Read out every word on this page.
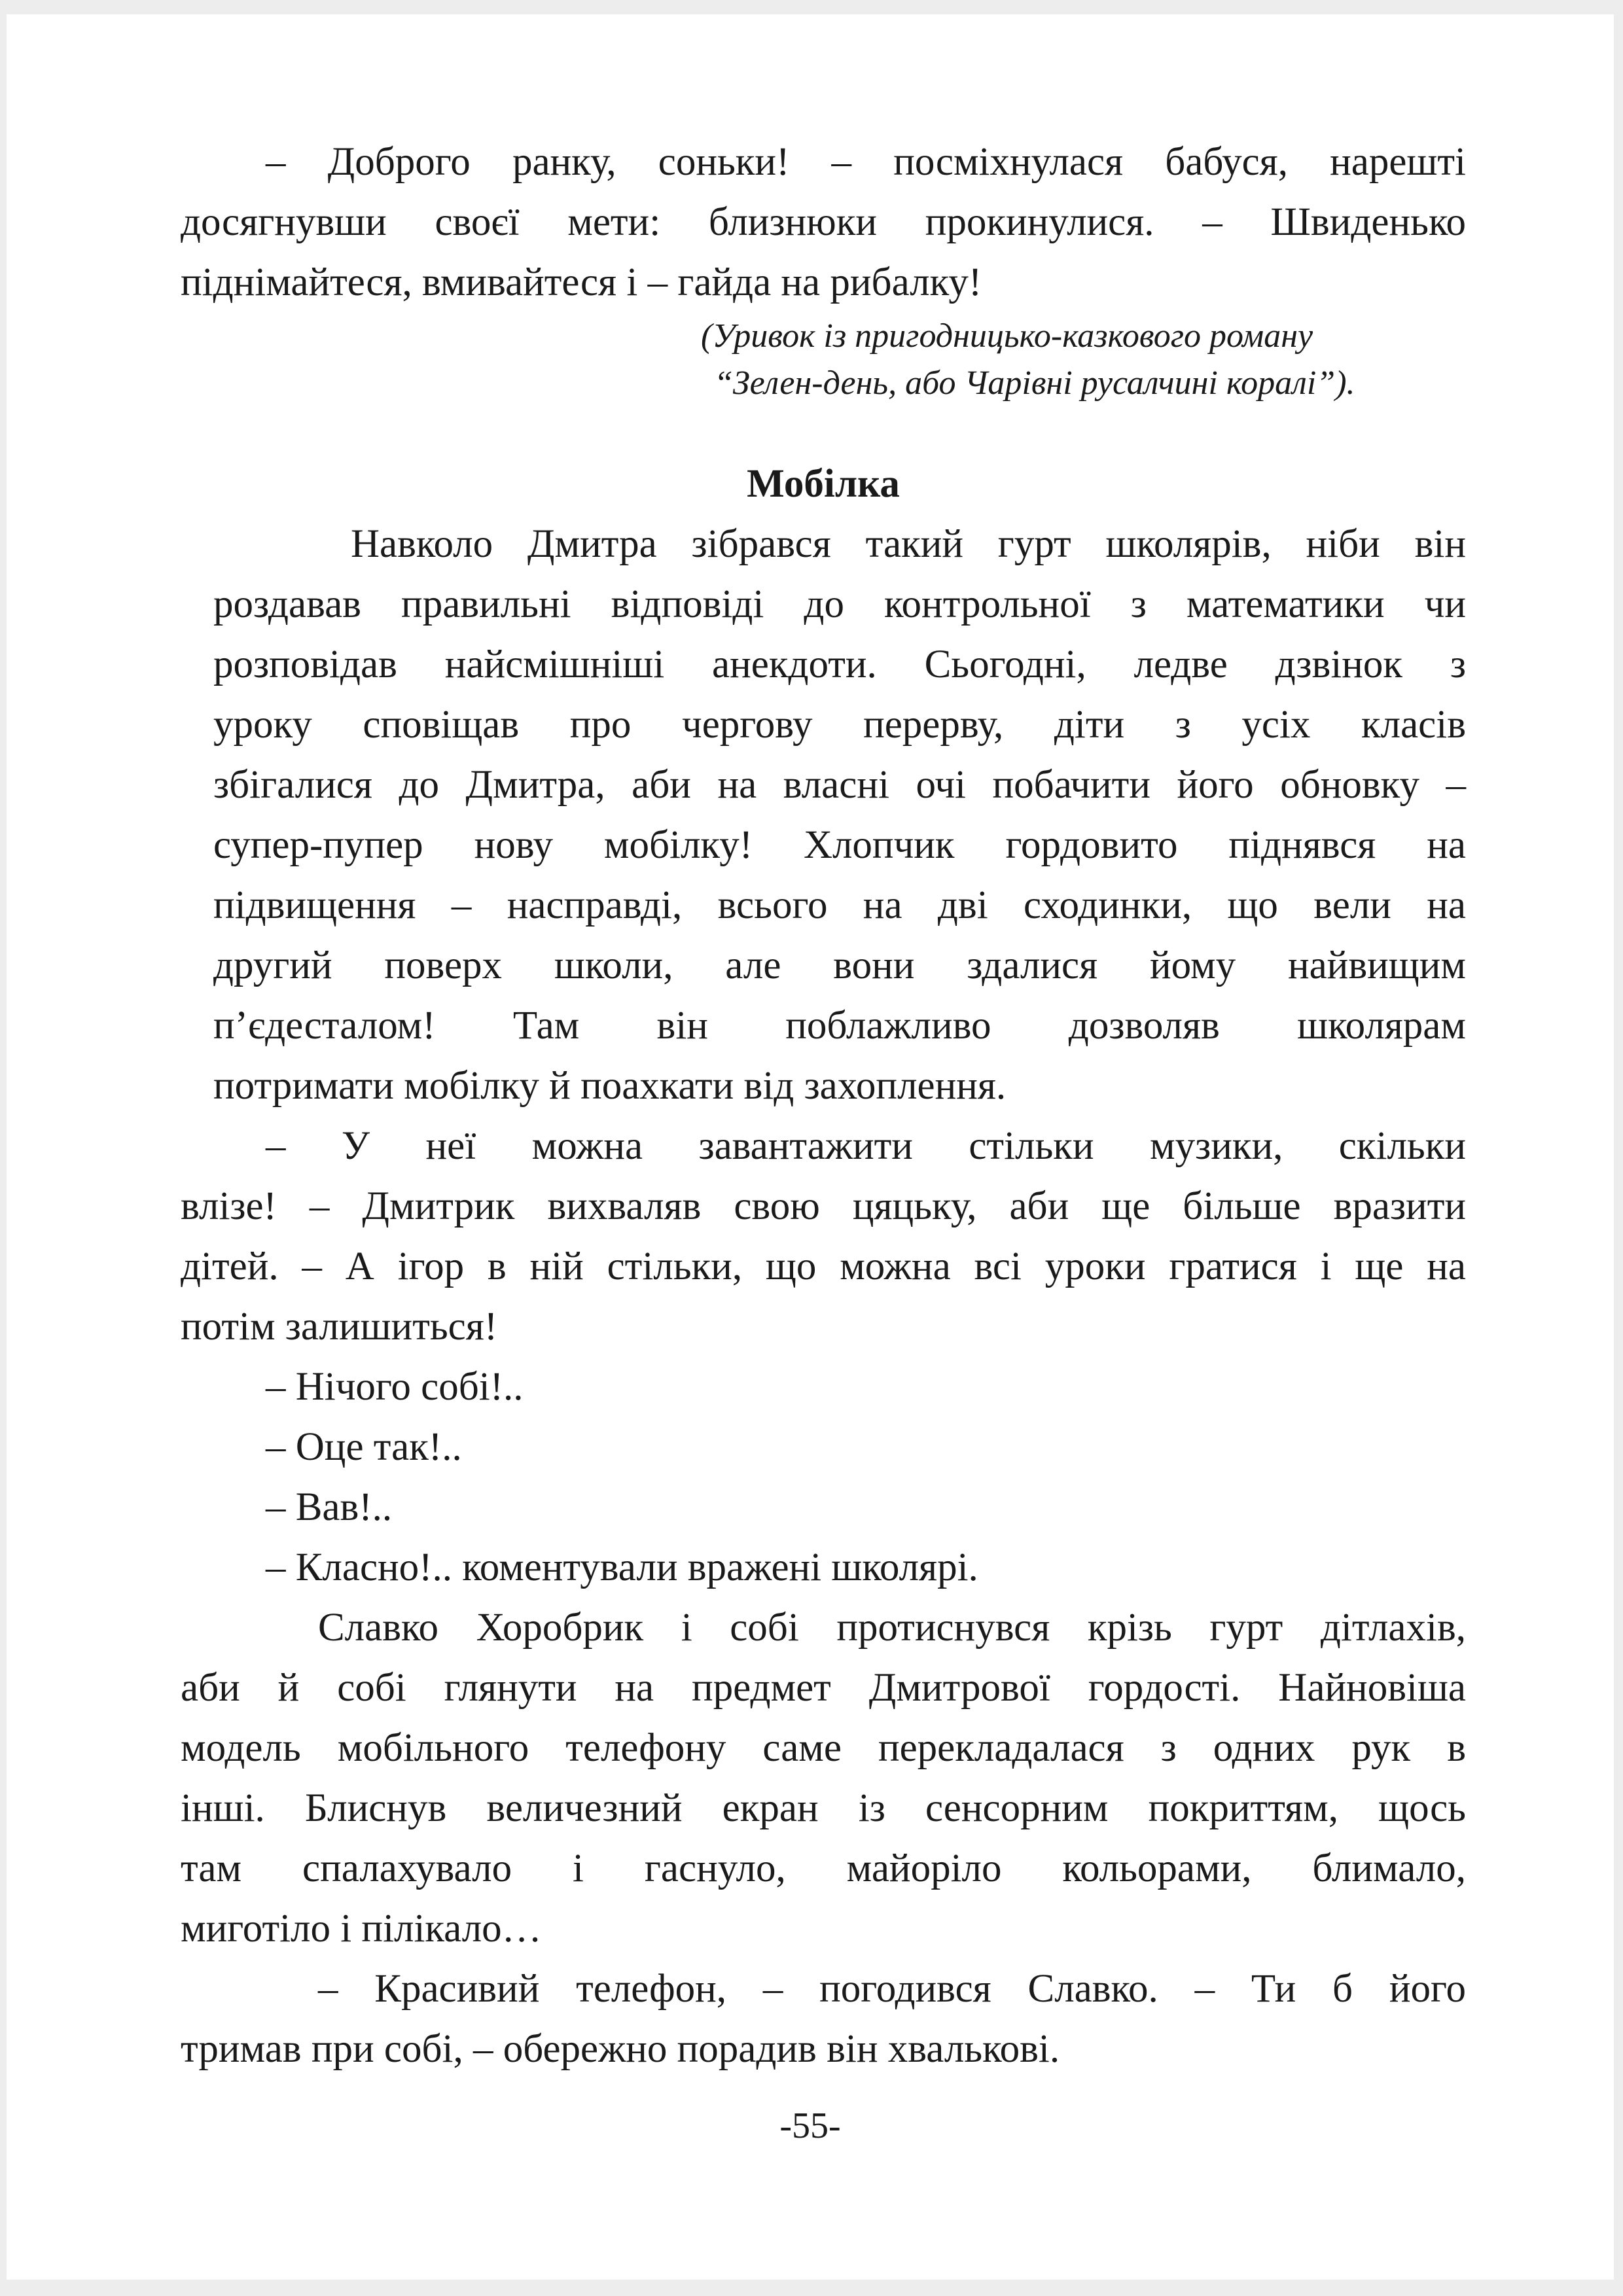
– Доброго ранку, соньки! – посміхнулася бабуся, нарешті
досягнувши своєї мети: близнюки прокинулися. – Швиденько
піднімайтеся, вмивайтеся і – гайда на рибалку!
(Уривок із пригодницько-казкового роману
“Зелен-день, або Чарівні русалчині коралі”).
Мобілка
Навколо Дмитра зібрався такий гурт школярів, ніби він
роздавав правильні відповіді до контрольної з математики чи
розповідав найсмішніші анекдоти. Сьогодні, ледве дзвінок з
уроку сповіщав про чергову перерву, діти з усіх класів
збігалися до Дмитра, аби на власні очі побачити його обновку –
супер-пупер нову мобілку! Хлопчик гордовито піднявся на
підвищення – насправді, всього на дві сходинки, що вели на
другий поверх школи, але вони здалися йому найвищим
п’єдесталом! Там він поблажливо дозволяв школярам
потримати мобілку й поахкати від захоплення.
– У неї можна завантажити стільки музики, скільки
влізе! – Дмитрик вихваляв свою цяцьку, аби ще більше вразити
дітей. – А ігор в ній стільки, що можна всі уроки гратися і ще на
потім залишиться!
– Нічого собі!..
– Оце так!..
– Вав!..
– Класно!.. коментували вражені школярі.
Славко Хоробрик і собі протиснувся крізь гурт дітлахів,
аби й собі глянути на предмет Дмитрової гордості. Найновіша
модель мобільного телефону саме перекладалася з одних рук в
інші. Блиснув величезний екран із сенсорним покриттям, щось
там спалахувало і гаснуло, майоріло кольорами, блимало,
миготіло і пілікало…
– Красивий телефон, – погодився Славко. – Ти б його
тримав при собі, – обережно порадив він хвалькові.
-55-
